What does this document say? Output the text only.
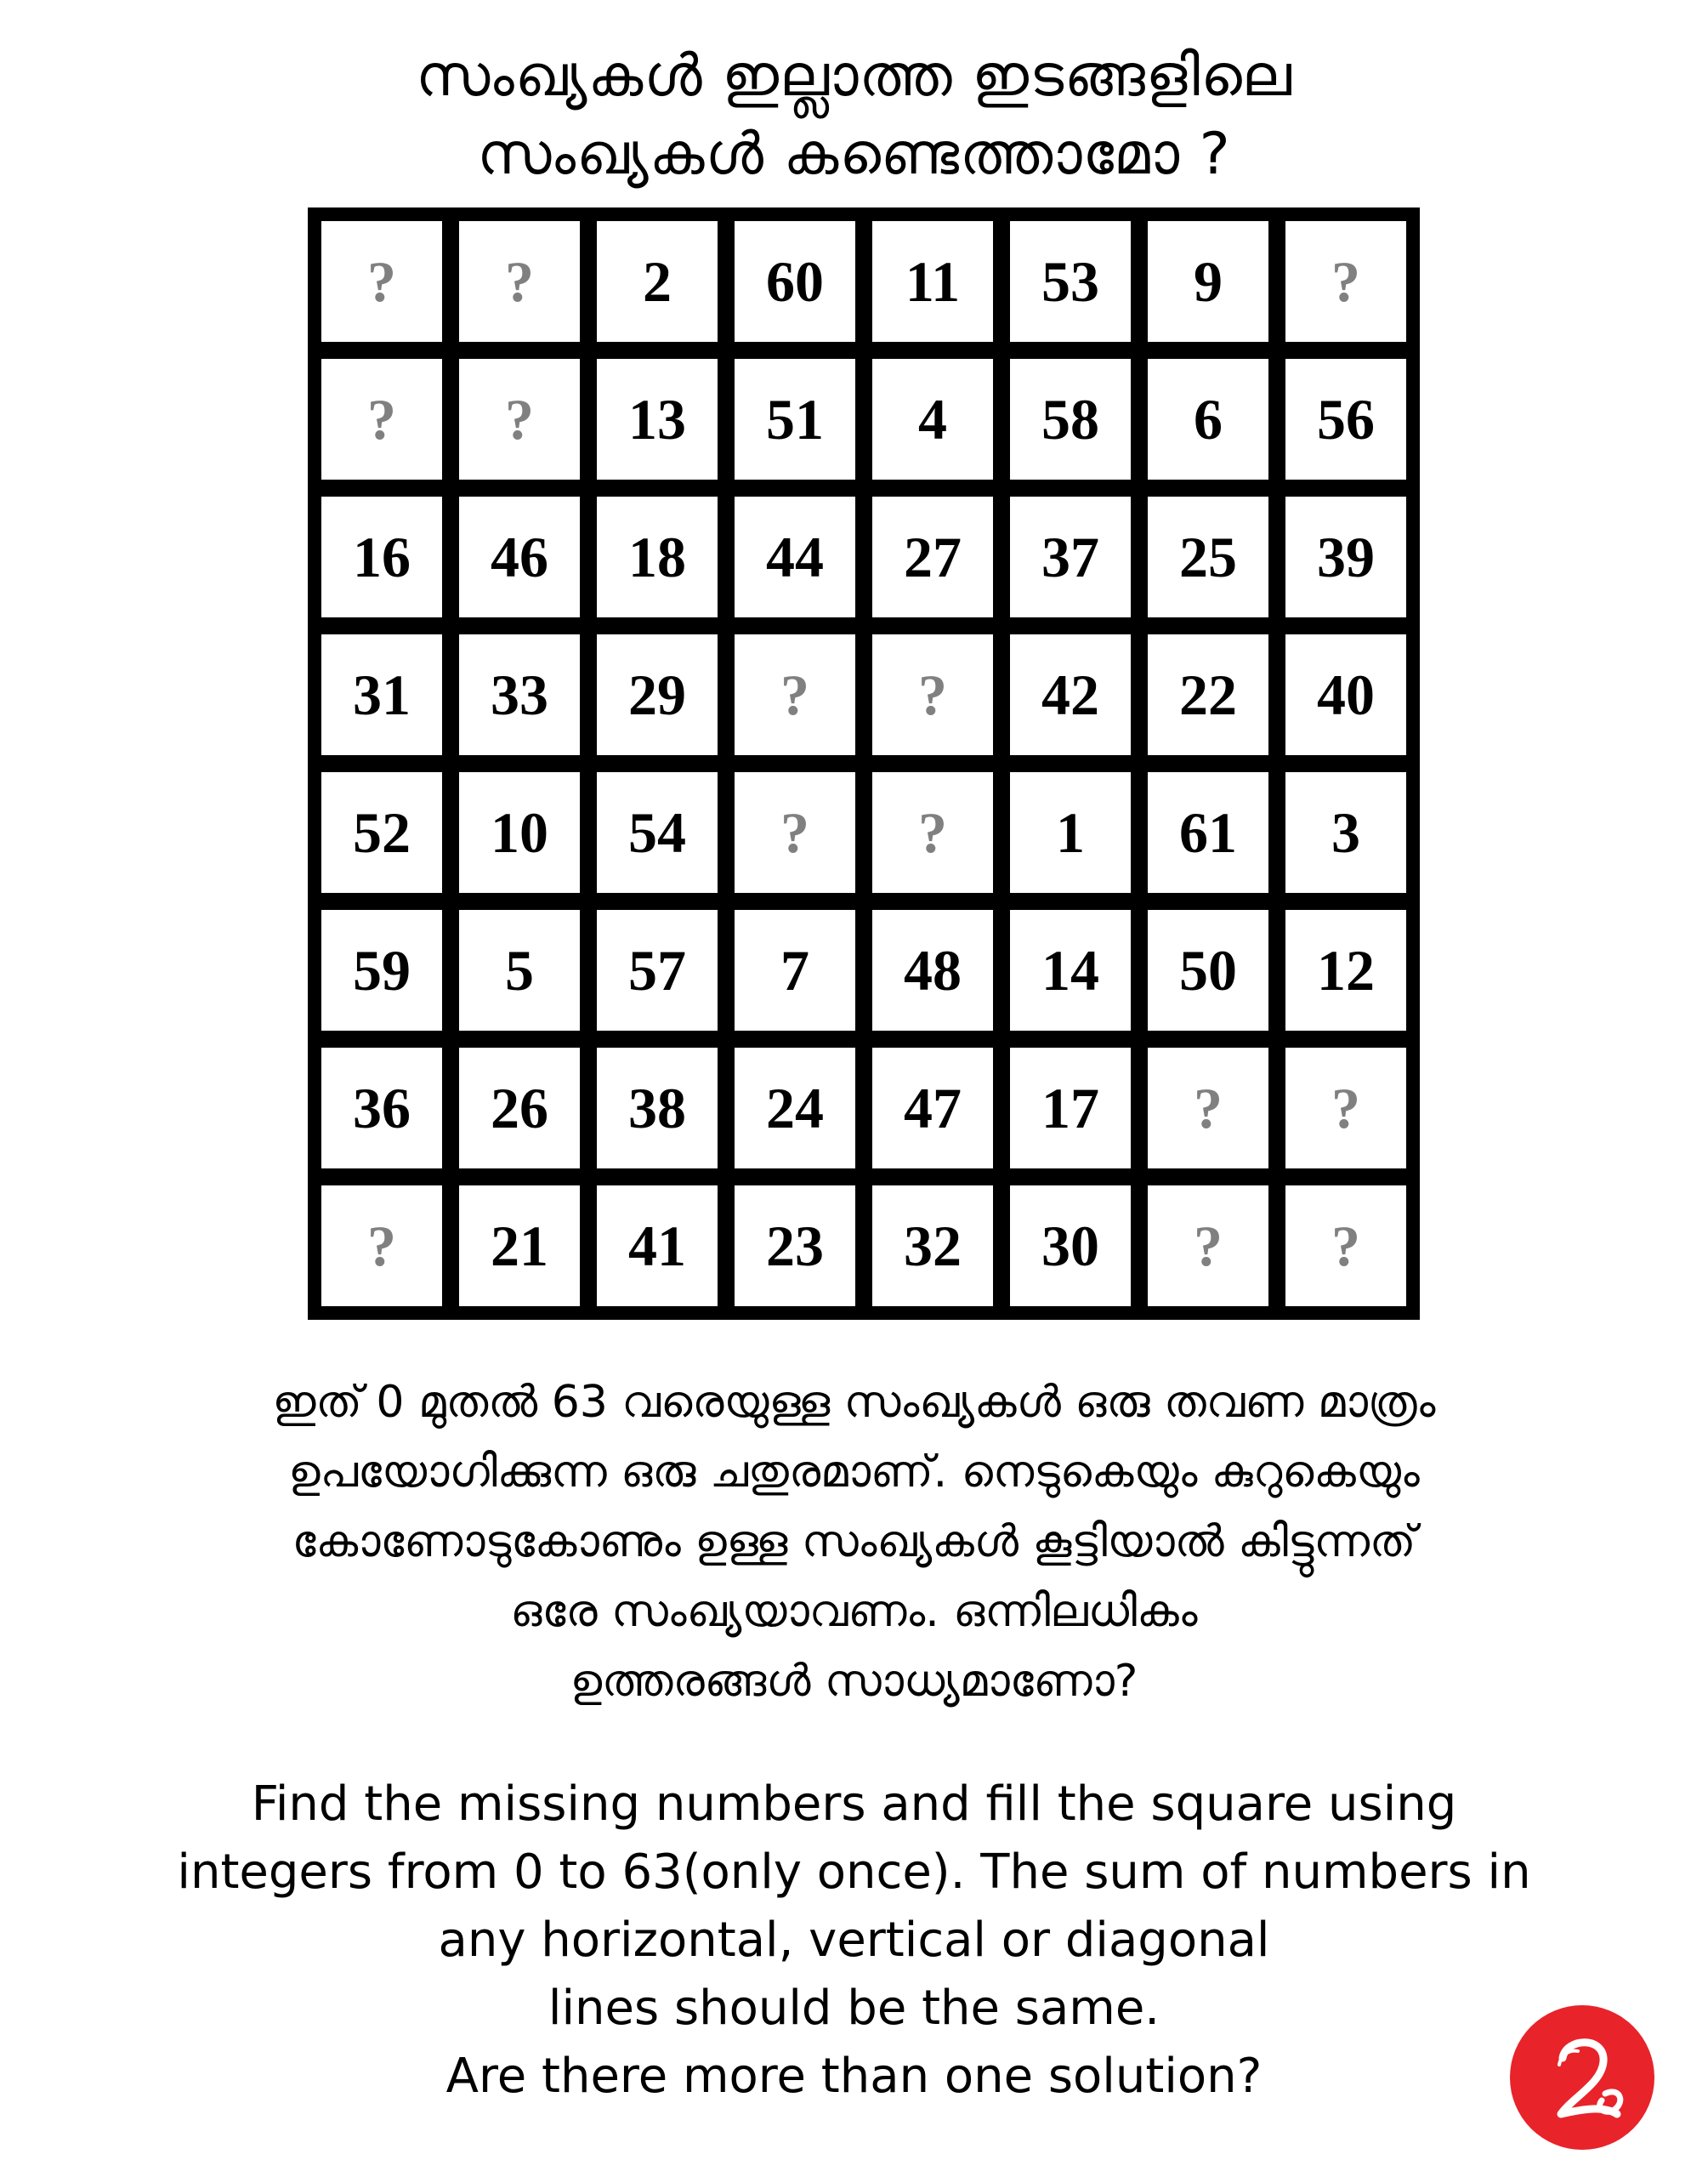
സംഖ്യകൾ ഇല്ലാത്ത ഇടങ്ങളിലെ
സംഖ്യകൾ കണ്ടെത്താമോ ?
?	?	2	60	11	53	9	?
?	?	13	51	4	58	6	56
16	46	18	44	27	37	25	39
31	33	29	?	?	42	22	40
52	10	54	?	?	1	61	3
59	5	57	7	48	14	50	12
36	26	38	24	47	17	?	?
?	21	41	23	32	30	?	?
ഇത് 0 മുതൽ 63 വരെയുള്ള സംഖ്യകൾ ഒരു തവണ മാത്രം
ഉപയോഗിക്കുന്ന ഒരു ചതുരമാണ്. നെടുകെയും കുറുകെയും
കോണോടുകോണും ഉള്ള സംഖ്യകൾ കൂട്ടിയാൽ കിട്ടുന്നത്
ഒരേ സംഖ്യയാവണം. ഒന്നിലധികം
ഉത്തരങ്ങൾ സാധ്യമാണോ?
Find the missing numbers and fill the square using
integers from 0 to 63(only once). The sum of numbers in
any horizontal, vertical or diagonal
lines should be the same.
Are there more than one solution?
